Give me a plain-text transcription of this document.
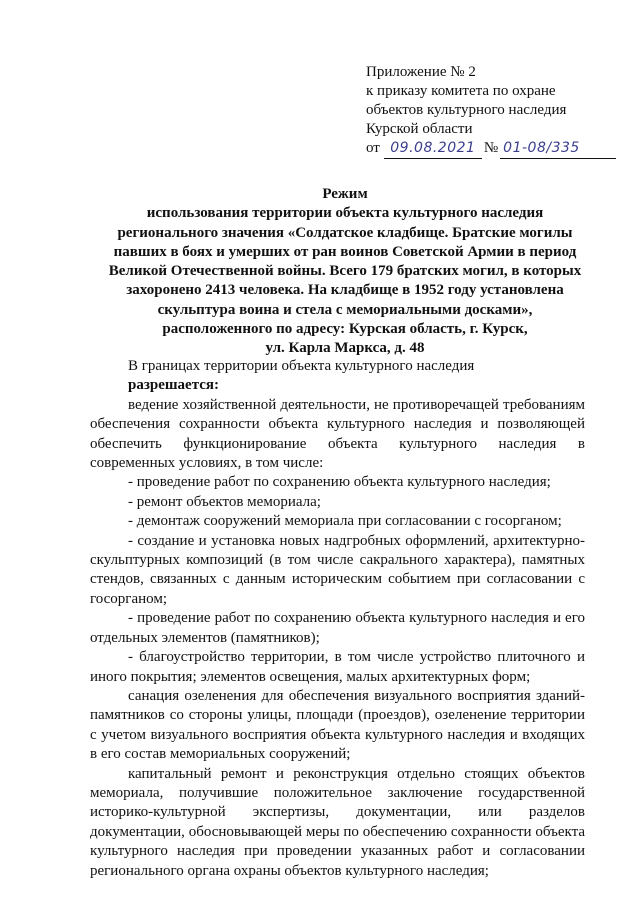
Приложение № 2
к приказу комитета по охране
объектов культурного наследия
Курской области
от 09.08.2021 № 01-08/335
Режим
использования территории объекта культурного наследия
регионального значения «Солдатское кладбище. Братские могилы
павших в боях и умерших от ран воинов Советской Армии в период
Великой Отечественной войны. Всего 179 братских могил, в которых
захоронено 2413 человека. На кладбище в 1952 году установлена
скульптура воина и стела с мемориальными досками»,
расположенного по адресу: Курская область, г. Курск,
ул. Карла Маркса, д. 48
В границах территории объекта культурного наследия
разрешается:
ведение хозяйственной деятельности, не противоречащей требованиям обеспечения сохранности объекта культурного наследия и позволяющей обеспечить функционирование объекта культурного наследия в современных условиях, в том числе:
- проведение работ по сохранению объекта культурного наследия;
- ремонт объектов мемориала;
- демонтаж сооружений мемориала при согласовании с госорганом;
- создание и установка новых надгробных оформлений, архитектурно-скульптурных композиций (в том числе сакрального характера), памятных стендов, связанных с данным историческим событием при согласовании с госорганом;
- проведение работ по сохранению объекта культурного наследия и его отдельных элементов (памятников);
- благоустройство территории, в том числе устройство плиточного и иного покрытия; элементов освещения, малых архитектурных форм;
санация озеленения для обеспечения визуального восприятия зданий-памятников со стороны улицы, площади (проездов), озеленение территории с учетом визуального восприятия объекта культурного наследия и входящих в его состав мемориальных сооружений;
капитальный ремонт и реконструкция отдельно стоящих объектов мемориала, получившие положительное заключение государственной историко-культурной экспертизы, документации, или разделов документации, обосновывающей меры по обеспечению сохранности объекта культурного наследия при проведении указанных работ и согласовании регионального органа охраны объектов культурного наследия;
